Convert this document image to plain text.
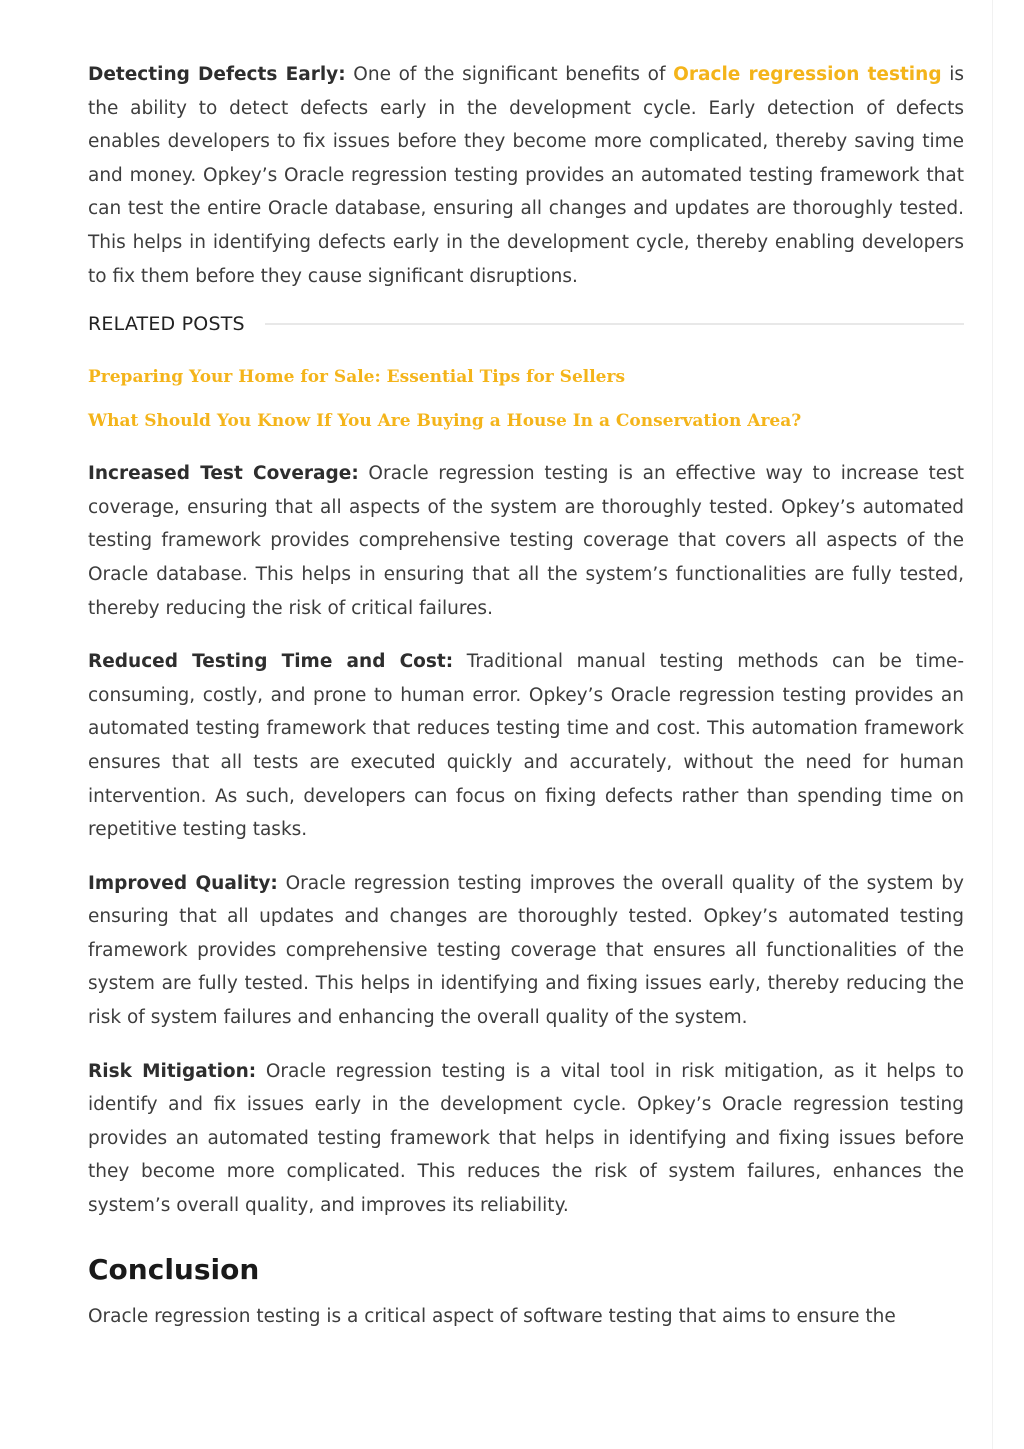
Detecting Defects Early: One of the significant benefits of Oracle regression testing is the ability to detect defects early in the development cycle. Early detection of defects enables developers to fix issues before they become more complicated, thereby saving time and money. Opkey’s Oracle regression testing provides an automated testing framework that can test the entire Oracle database, ensuring all changes and updates are thoroughly tested. This helps in identifying defects early in the development cycle, thereby enabling developers to fix them before they cause significant disruptions.

RELATED POSTS
Preparing Your Home for Sale: Essential Tips for Sellers
What Should You Know If You Are Buying a House In a Conservation Area?

Increased Test Coverage: Oracle regression testing is an effective way to increase test coverage, ensuring that all aspects of the system are thoroughly tested. Opkey’s automated testing framework provides comprehensive testing coverage that covers all aspects of the Oracle database. This helps in ensuring that all the system’s functionalities are fully tested, thereby reducing the risk of critical failures.

Reduced Testing Time and Cost: Traditional manual testing methods can be time-consuming, costly, and prone to human error. Opkey’s Oracle regression testing provides an automated testing framework that reduces testing time and cost. This automation framework ensures that all tests are executed quickly and accurately, without the need for human intervention. As such, developers can focus on fixing defects rather than spending time on repetitive testing tasks.

Improved Quality: Oracle regression testing improves the overall quality of the system by ensuring that all updates and changes are thoroughly tested. Opkey’s automated testing framework provides comprehensive testing coverage that ensures all functionalities of the system are fully tested. This helps in identifying and fixing issues early, thereby reducing the risk of system failures and enhancing the overall quality of the system.

Risk Mitigation: Oracle regression testing is a vital tool in risk mitigation, as it helps to identify and fix issues early in the development cycle. Opkey’s Oracle regression testing provides an automated testing framework that helps in identifying and fixing issues before they become more complicated. This reduces the risk of system failures, enhances the system’s overall quality, and improves its reliability.

Conclusion

Oracle regression testing is a critical aspect of software testing that aims to ensure the
